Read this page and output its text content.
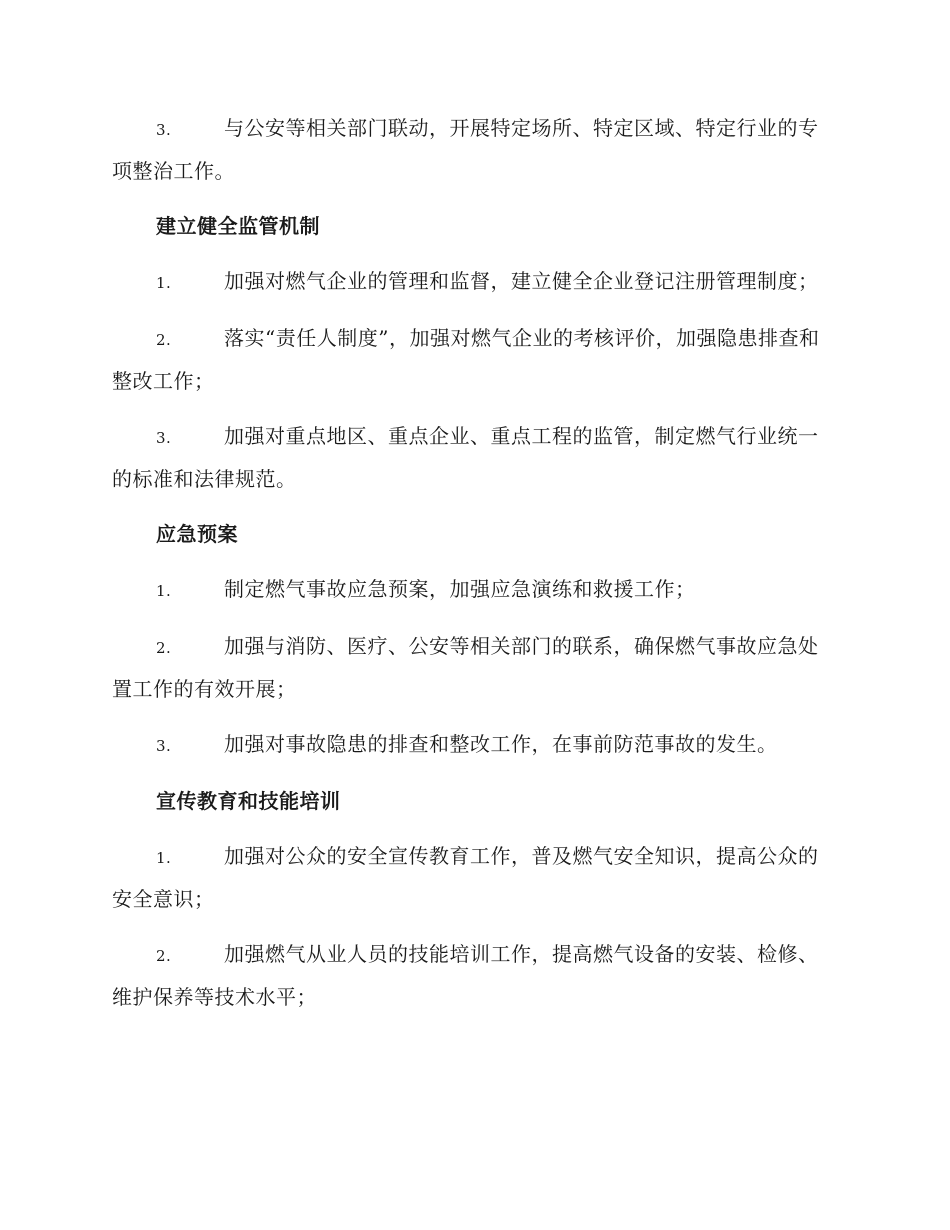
3.	与公安等相关部门联动，开展特定场所、特定区域、特定行业的专项整治工作。

建立健全监管机制

1.	加强对燃气企业的管理和监督，建立健全企业登记注册管理制度；

2.	落实“责任人制度”，加强对燃气企业的考核评价，加强隐患排查和整改工作；

3.	加强对重点地区、重点企业、重点工程的监管，制定燃气行业统一的标准和法律规范。

应急预案

1.	制定燃气事故应急预案，加强应急演练和救援工作；

2.	加强与消防、医疗、公安等相关部门的联系，确保燃气事故应急处置工作的有效开展；

3.	加强对事故隐患的排查和整改工作，在事前防范事故的发生。

宣传教育和技能培训

1.	加强对公众的安全宣传教育工作，普及燃气安全知识，提高公众的安全意识；

2.	加强燃气从业人员的技能培训工作，提高燃气设备的安装、检修、维护保养等技术水平；
